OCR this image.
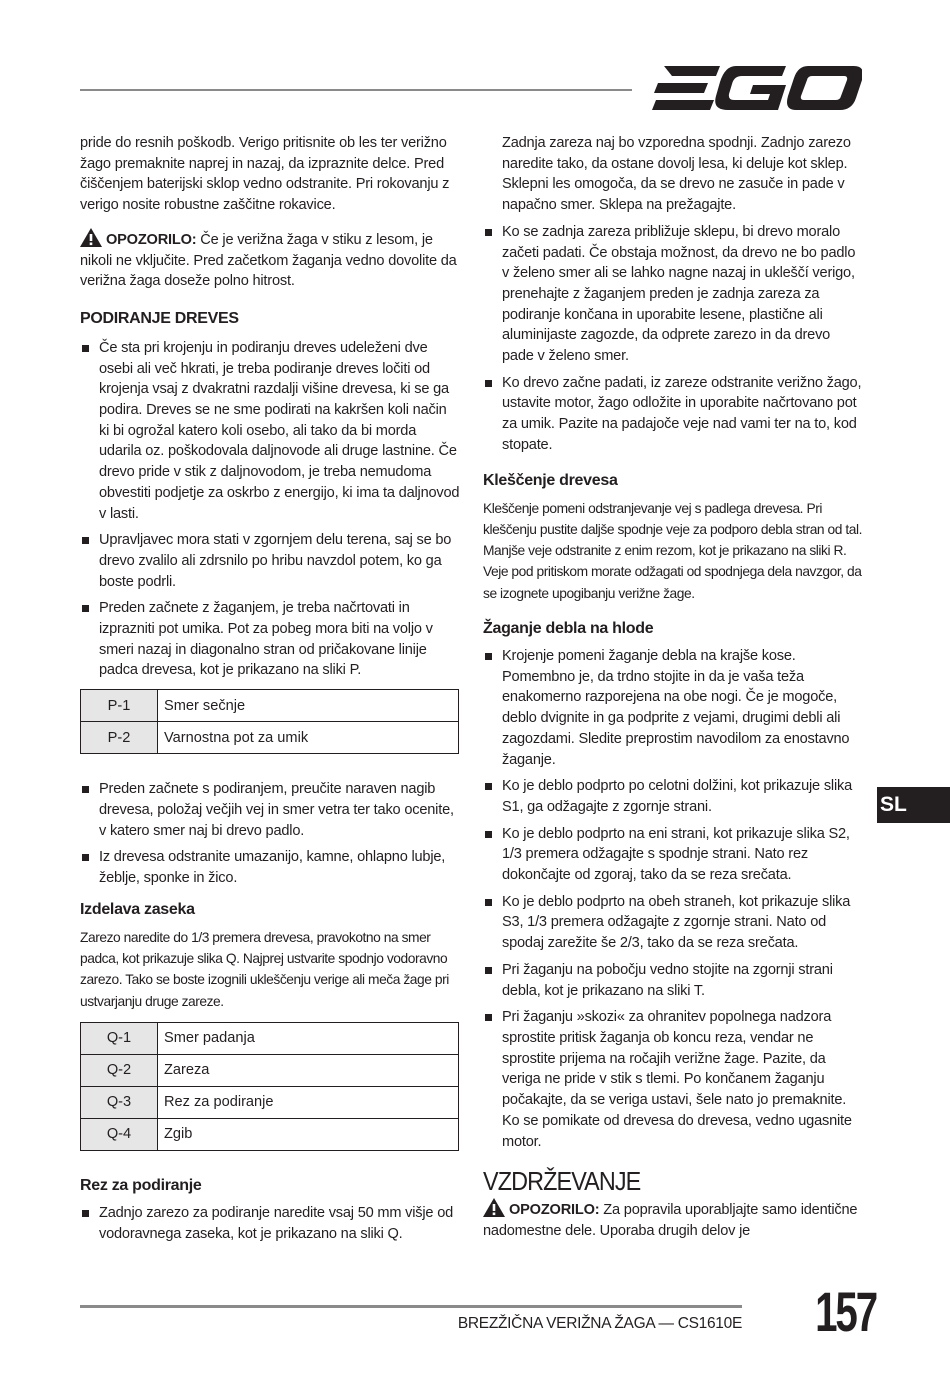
pride do resnih poškodb. Verigo pritisnite ob les ter verižno žago premaknite naprej in nazaj, da izpraznite delce. Pred čiščenjem baterijski sklop vedno odstranite. Pri rokovanju z verigo nosite robustne zaščitne rokavice.

OPOZORILO: Če je verižna žaga v stiku z lesom, je nikoli ne vključite. Pred začetkom žaganja vedno dovolite da verižna žaga doseže polno hitrost.

PODIRANJE DREVES
Če sta pri krojenju in podiranju dreves udeleženi dve osebi ali več hkrati, je treba podiranje dreves ločiti od krojenja vsaj z dvakratni razdalji višine drevesa, ki se ga podira. Dreves se ne sme podirati na kakršen koli način ki bi ogrožal katero koli osebo, ali tako da bi morda udarila oz. poškodovala daljnovode ali druge lastnine. Če drevo pride v stik z daljnovodom, je treba nemudoma obvestiti podjetje za oskrbo z energijo, ki ima ta daljnovod v lasti.
Upravljavec mora stati v zgornjem delu terena, saj se bo drevo zvalilo ali zdrsnilo po hribu navzdol potem, ko ga boste podrli.
Preden začnete z žaganjem, je treba načrtovati in izprazniti pot umika. Pot za pobeg mora biti na voljo v smeri nazaj in diagonalno stran od pričakovane linije padca drevesa, kot je prikazano na sliki P.
P-1	Smer sečnje
P-2	Varnostna pot za umik
Preden začnete s podiranjem, preučite naraven nagib drevesa, položaj večjih vej in smer vetra ter tako ocenite, v katero smer naj bi drevo padlo.
Iz drevesa odstranite umazanijo, kamne, ohlapno lubje, žeblje, sponke in žico.
Izdelava zaseka

Zarezo naredite do 1/3 premera drevesa, pravokotno na smer padca, kot prikazuje slika Q. Najprej ustvarite spodnjo vodoravno zarezo. Tako se boste izognili ukleščenju verige ali meča žage pri ustvarjanju druge zareze.

Q-1	Smer padanja
Q-2	Zareza
Q-3	Rez za podiranje
Q-4	Zgib
Rez za podiranje
Zadnjo zarezo za podiranje naredite vsaj 50 mm višje od vodoravnega zaseka, kot je prikazano na sliki Q.

Zadnja zareza naj bo vzporedna spodnji. Zadnjo zarezo naredite tako, da ostane dovolj lesa, ki deluje kot sklep. Sklepni les omogoča, da se drevo ne zasuče in pade v napačno smer. Sklepa na prežagajte.

Ko se zadnja zareza približuje sklepu, bi drevo moralo začeti padati. Če obstaja možnost, da drevo ne bo padlo v želeno smer ali se lahko nagne nazaj in ukleščí verigo, prenehajte z žaganjem preden je zadnja zareza za podiranje končana in uporabite lesene, plastične ali aluminijaste zagozde, da odprete zarezo in da drevo pade v želeno smer.
Ko drevo začne padati, iz zareze odstranite verižno žago, ustavite motor, žago odložite in uporabite načrtovano pot za umik. Pazite na padajoče veje nad vami ter na to, kod stopate.
Kleščenje drevesa

Kleščenje pomeni odstranjevanje vej s padlega drevesa. Pri kleščenju pustite daljše spodnje veje za podporo debla stran od tal. Manjše veje odstranite z enim rezom, kot je prikazano na sliki R. Veje pod pritiskom morate odžagati od spodnjega dela navzgor, da se izognete upogibanju verižne žage.

Žaganje debla na hlode
Krojenje pomeni žaganje debla na krajše kose. Pomembno je, da trdno stojite in da je vaša teža enakomerno razporejena na obe nogi. Če je mogoče, deblo dvignite in ga podprite z vejami, drugimi debli ali zagozdami. Sledite preprostim navodilom za enostavno žaganje.
Ko je deblo podprto po celotni dolžini, kot prikazuje slika S1, ga odžagajte z zgornje strani.
Ko je deblo podprto na eni strani, kot prikazuje slika S2, 1/3 premera odžagajte s spodnje strani. Nato rez dokončajte od zgoraj, tako da se reza srečata.
Ko je deblo podprto na obeh straneh, kot prikazuje slika S3, 1/3 premera odžagajte z zgornje strani. Nato od spodaj zarežite še 2/3, tako da se reza srečata.
Pri žaganju na pobočju vedno stojite na zgornji strani debla, kot je prikazano na sliki T.
Pri žaganju »skozi« za ohranitev popolnega nadzora sprostite pritisk žaganja ob koncu reza, vendar ne sprostite prijema na ročajih verižne žage. Pazite, da veriga ne pride v stik s tlemi. Po končanem žaganju počakajte, da se veriga ustavi, šele nato jo premaknite. Ko se pomikate od drevesa do drevesa, vedno ugasnite motor.
VZDRŽEVANJE

OPOZORILO: Za popravila uporabljajte samo identične nadomestne dele. Uporaba drugih delov je

SL
BREZŽIČNA VERIŽNA ŽAGA — CS1610E 157
